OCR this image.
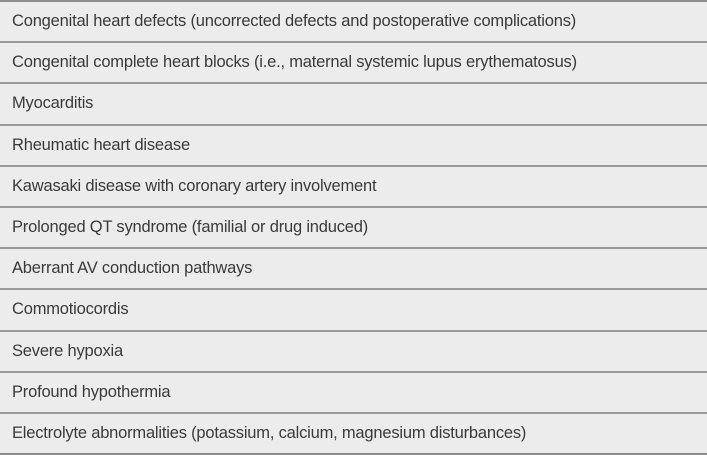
Congenital heart defects (uncorrected defects and postoperative complications)
Congenital complete heart blocks (i.e., maternal systemic lupus erythematosus)
Myocarditis
Rheumatic heart disease
Kawasaki disease with coronary artery involvement
Prolonged QT syndrome (familial or drug induced)
Aberrant AV conduction pathways
Commotiocordis
Severe hypoxia
Profound hypothermia
Electrolyte abnormalities (potassium, calcium, magnesium disturbances)
